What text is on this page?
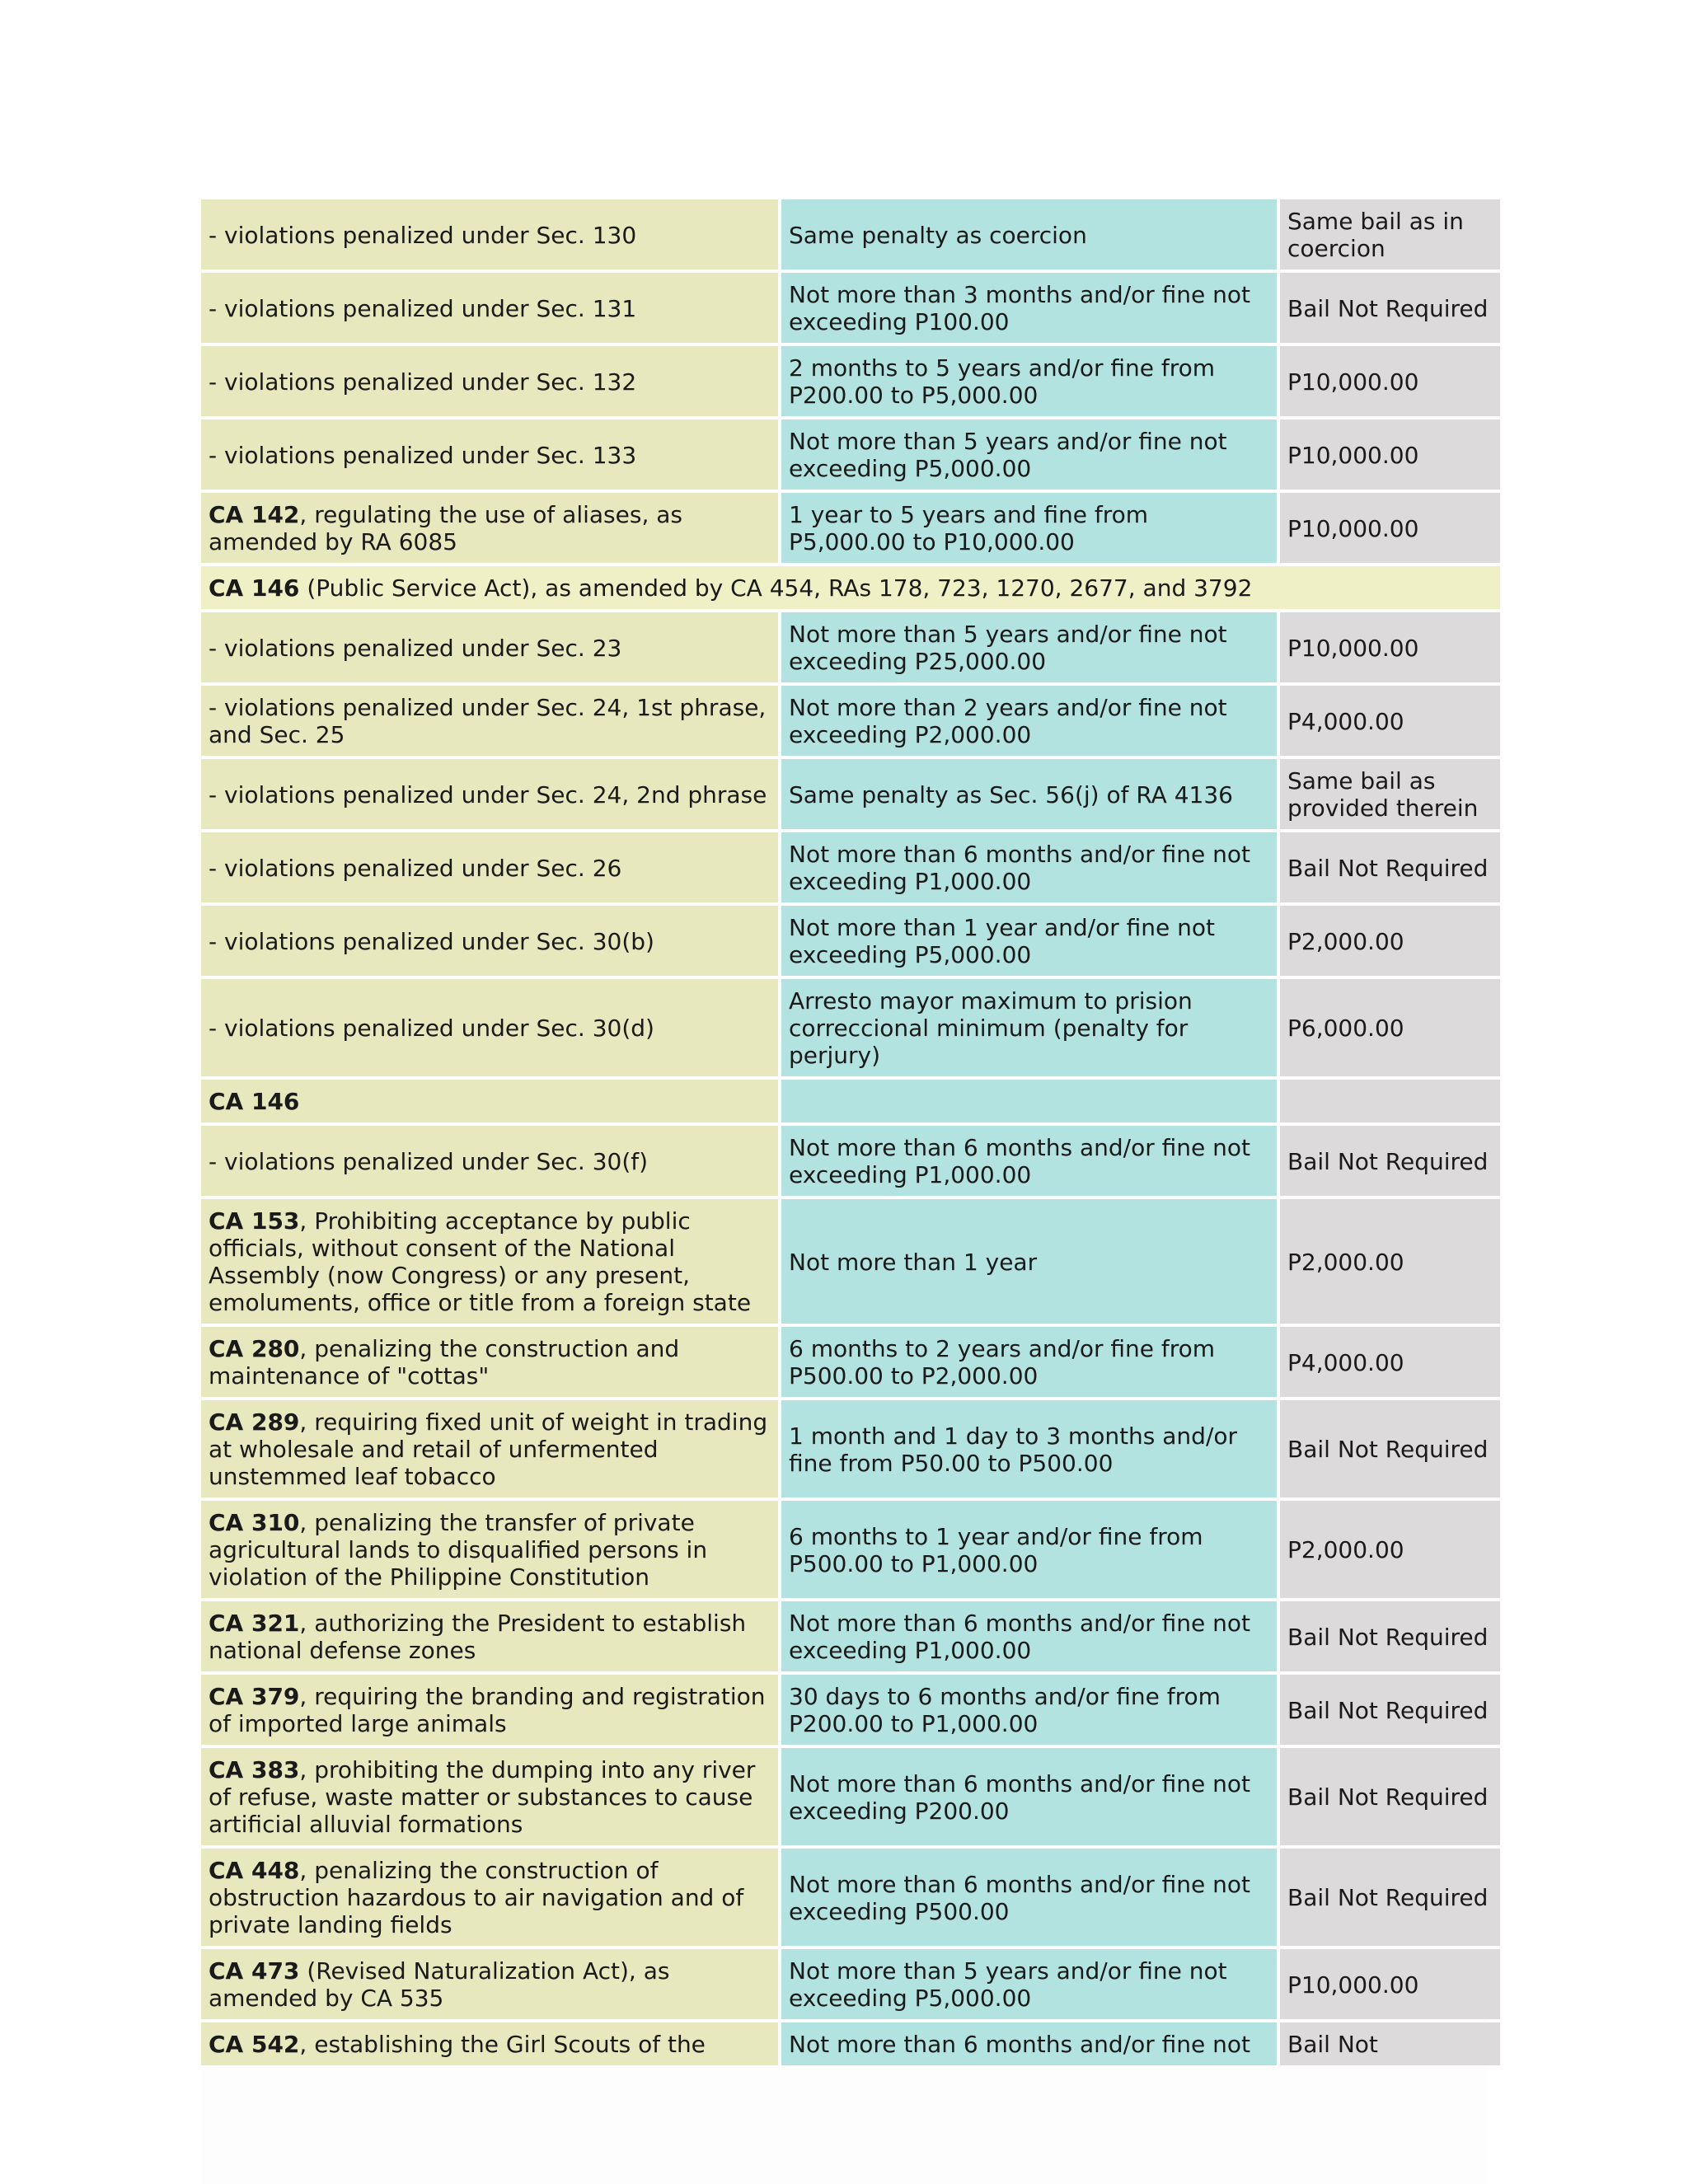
- violations penalized under Sec. 130	Same penalty as coercion	Same bail as in coercion
- violations penalized under Sec. 131	Not more than 3 months and/or fine not exceeding P100.00	Bail Not Required
- violations penalized under Sec. 132	2 months to 5 years and/or fine from P200.00 to P5,000.00	P10,000.00
- violations penalized under Sec. 133	Not more than 5 years and/or fine not exceeding P5,000.00	P10,000.00
CA 142, regulating the use of aliases, as amended by RA 6085	1 year to 5 years and fine from P5,000.00 to P10,000.00	P10,000.00
CA 146 (Public Service Act), as amended by CA 454, RAs 178, 723, 1270, 2677, and 3792		
- violations penalized under Sec. 23	Not more than 5 years and/or fine not exceeding P25,000.00	P10,000.00
- violations penalized under Sec. 24, 1st phrase, and Sec. 25	Not more than 2 years and/or fine not exceeding P2,000.00	P4,000.00
- violations penalized under Sec. 24, 2nd phrase	Same penalty as Sec. 56(j) of RA 4136	Same bail as provided therein
- violations penalized under Sec. 26	Not more than 6 months and/or fine not exceeding P1,000.00	Bail Not Required
- violations penalized under Sec. 30(b)	Not more than 1 year and/or fine not exceeding P5,000.00	P2,000.00
- violations penalized under Sec. 30(d)	Arresto mayor maximum to prision correccional minimum (penalty for perjury)	P6,000.00
CA 146		
- violations penalized under Sec. 30(f)	Not more than 6 months and/or fine not exceeding P1,000.00	Bail Not Required
CA 153, Prohibiting acceptance by public officials, without consent of the National Assembly (now Congress) or any present, emoluments, office or title from a foreign state	Not more than 1 year	P2,000.00
CA 280, penalizing the construction and maintenance of "cottas"	6 months to 2 years and/or fine from P500.00 to P2,000.00	P4,000.00
CA 289, requiring fixed unit of weight in trading at wholesale and retail of unfermented unstemmed leaf tobacco	1 month and 1 day to 3 months and/or fine from P50.00 to P500.00	Bail Not Required
CA 310, penalizing the transfer of private agricultural lands to disqualified persons in violation of the Philippine Constitution	6 months to 1 year and/or fine from P500.00 to P1,000.00	P2,000.00
CA 321, authorizing the President to establish national defense zones	Not more than 6 months and/or fine not exceeding P1,000.00	Bail Not Required
CA 379, requiring the branding and registration of imported large animals	30 days to 6 months and/or fine from P200.00 to P1,000.00	Bail Not Required
CA 383, prohibiting the dumping into any river of refuse, waste matter or substances to cause artificial alluvial formations	Not more than 6 months and/or fine not exceeding P200.00	Bail Not Required
CA 448, penalizing the construction of obstruction hazardous to air navigation and of private landing fields	Not more than 6 months and/or fine not exceeding P500.00	Bail Not Required
CA 473 (Revised Naturalization Act), as amended by CA 535	Not more than 5 years and/or fine not exceeding P5,000.00	P10,000.00
CA 542, establishing the Girl Scouts of the	Not more than 6 months and/or fine not	Bail Not
